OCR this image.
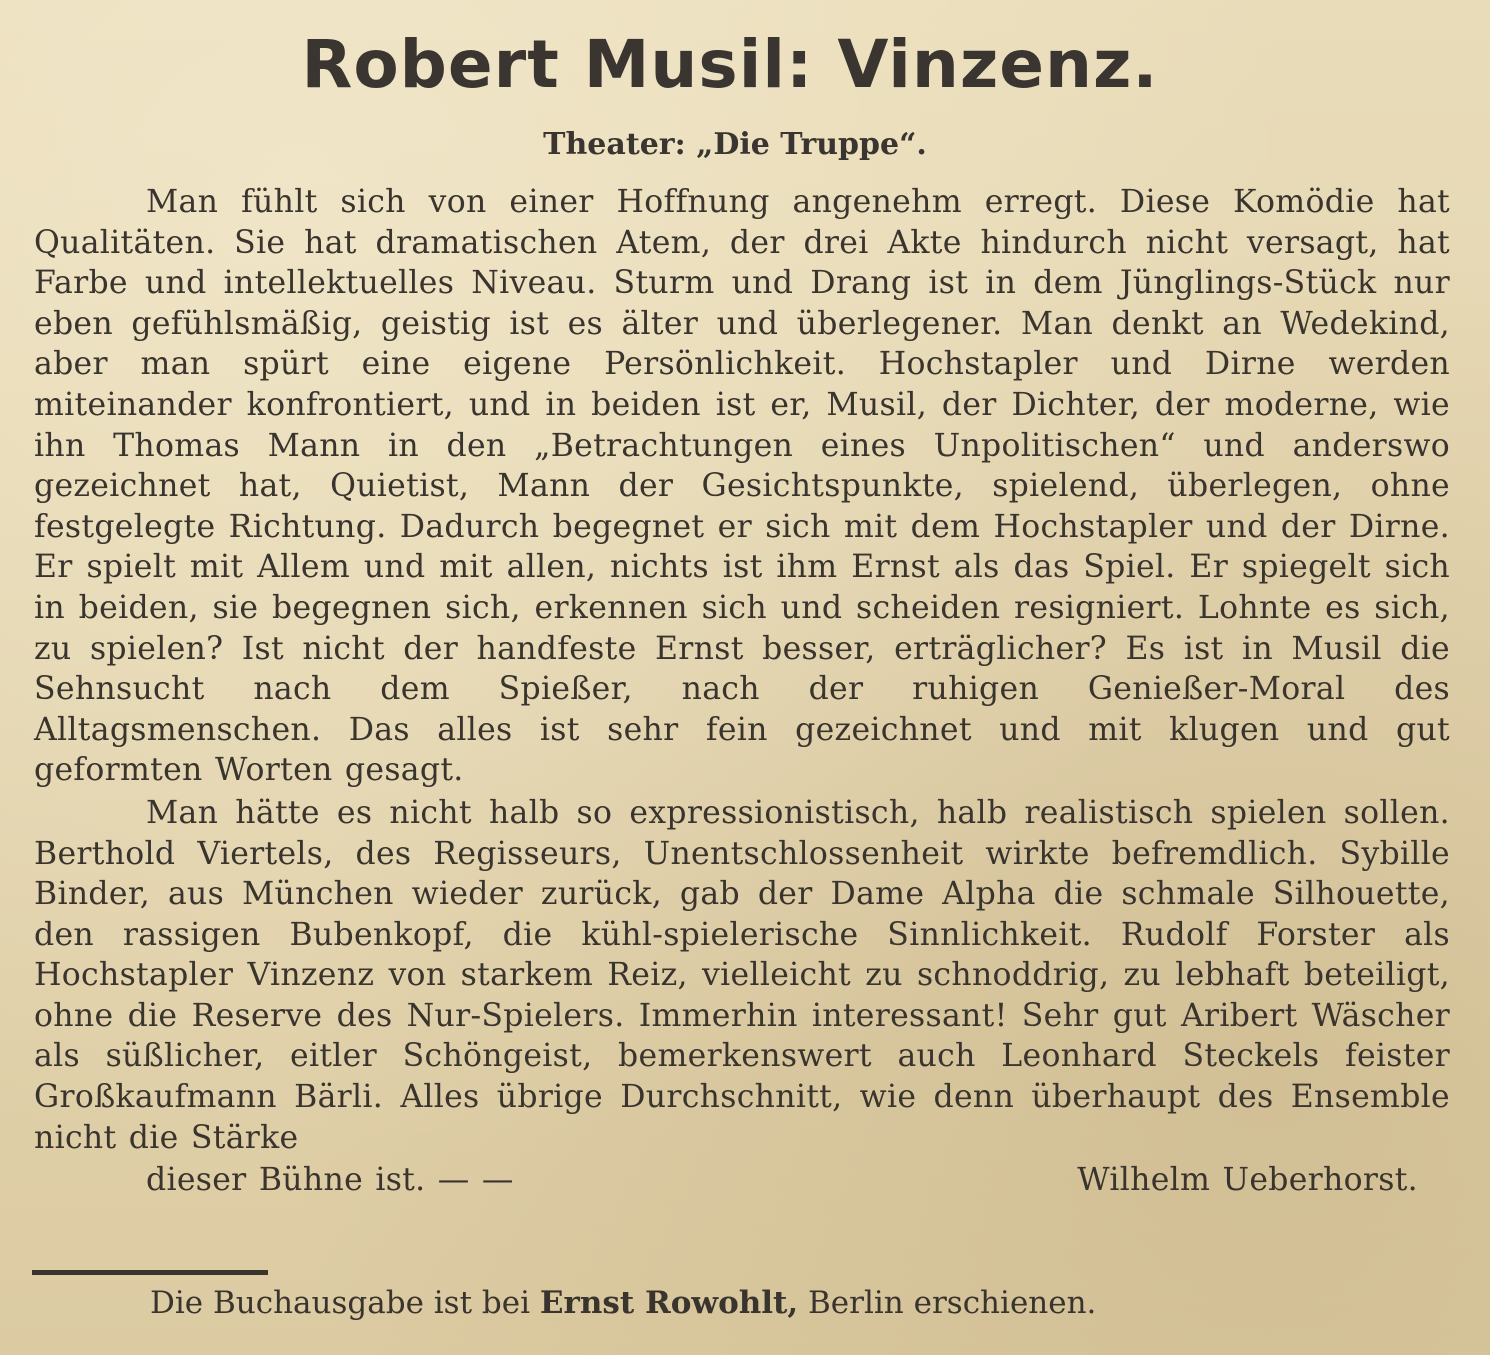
Robert Musil: Vinzenz.
Theater: „Die Truppe“.

Man fühlt sich von einer Hoffnung angenehm erregt. Diese Komödie hat Qualitäten. Sie hat dramatischen Atem, der drei Akte hindurch nicht versagt, hat Farbe und intellektuelles Niveau. Sturm und Drang ist in dem Jünglings-Stück nur eben gefühlsmäßig, geistig ist es älter und überlegener. Man denkt an Wedekind, aber man spürt eine eigene Persönlichkeit. Hochstapler und Dirne werden miteinander konfrontiert, und in beiden ist er, Musil, der Dichter, der moderne, wie ihn Thomas Mann in den „Betrachtungen eines Unpolitischen“ und anderswo gezeichnet hat, Quietist, Mann der Gesichtspunkte, spielend, überlegen, ohne festgelegte Richtung. Dadurch begegnet er sich mit dem Hochstapler und der Dirne. Er spielt mit Allem und mit allen, nichts ist ihm Ernst als das Spiel. Er spiegelt sich in beiden, sie begegnen sich, erkennen sich und scheiden resigniert. Lohnte es sich, zu spielen? Ist nicht der handfeste Ernst besser, erträglicher? Es ist in Musil die Sehnsucht nach dem Spießer, nach der ruhigen Genießer-Moral des Alltagsmenschen. Das alles ist sehr fein gezeichnet und mit klugen und gut geformten Worten gesagt.

Man hätte es nicht halb so expressionistisch, halb realistisch spielen sollen. Berthold Viertels, des Regisseurs, Unentschlossenheit wirkte befremdlich. Sybille Binder, aus München wieder zurück, gab der Dame Alpha die schmale Silhouette, den rassigen Bubenkopf, die kühl-spielerische Sinnlichkeit. Rudolf Forster als Hochstapler Vinzenz von starkem Reiz, vielleicht zu schnoddrig, zu lebhaft beteiligt, ohne die Reserve des Nur-Spielers. Immerhin interessant! Sehr gut Aribert Wäscher als süßlicher, eitler Schöngeist, bemerkenswert auch Leonhard Steckels feister Großkaufmann Bärli. Alles übrige Durchschnitt, wie denn überhaupt des Ensemble nicht die Stärke

dieser Bühne ist. — —	Wilhelm Ueberhorst.

Die Buchausgabe ist bei Ernst Rowohlt, Berlin erschienen.
